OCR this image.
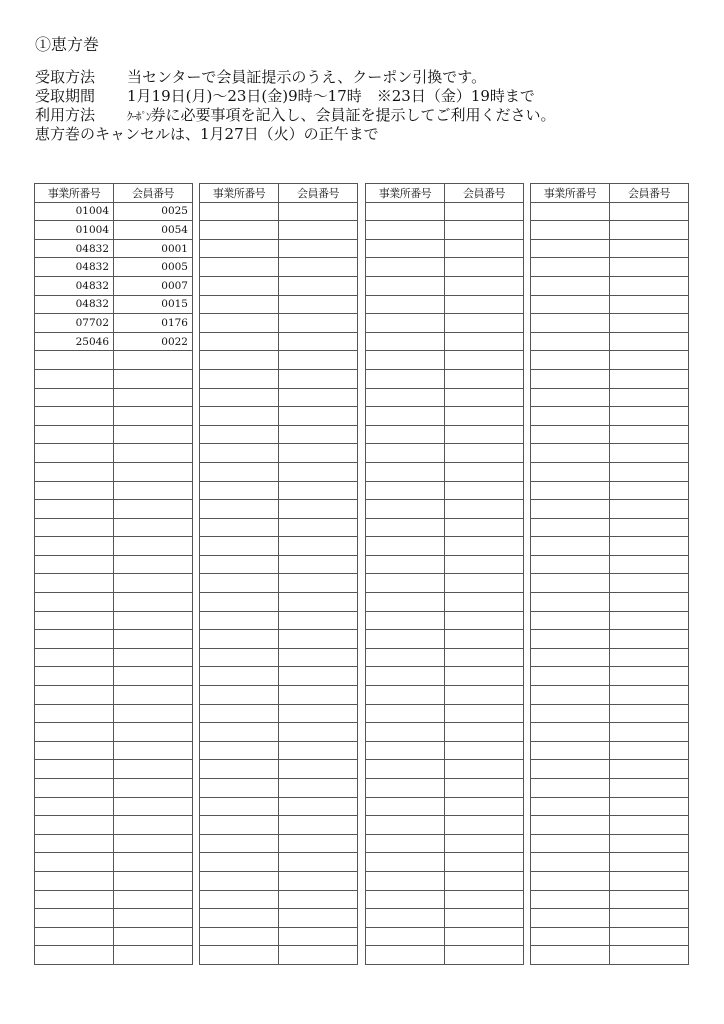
①恵方巻
受取方法 当センターで会員証提示のうえ、クーポン引換です。
受取期間 1月19日(月)～23日(金)9時～17時　※23日（金）19時まで
利用方法	ｸｰﾎﾟﾝ券に必要事項を記入し、会員証を提示してご利用ください。
恵方巻のキャンセルは、1月27日（火）の正午まで
事業所番号	会員番号
01004	0025
01004	0054
04832	0001
04832	0005
04832	0007
04832	0015
07702	0176
25046	0022

事業所番号	会員番号

		事業所番号	会員番号

		事業所番号	会員番号
